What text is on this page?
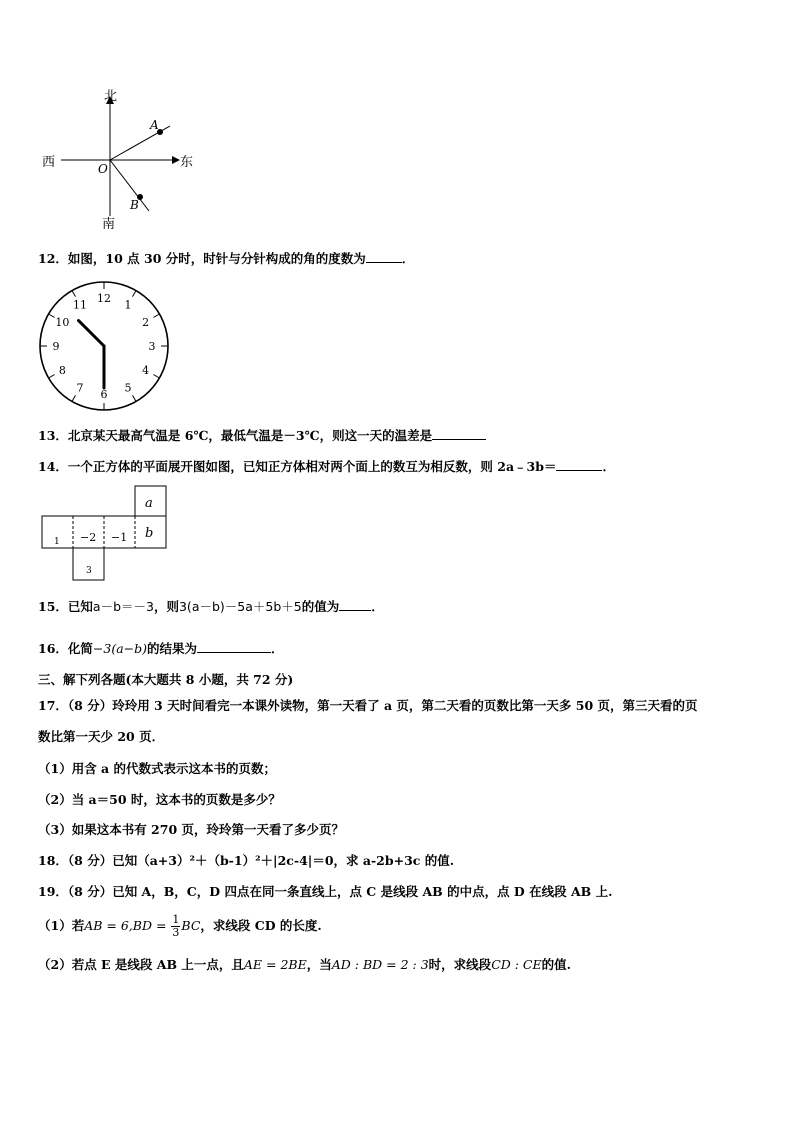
北
南
东
西	O
A
B
12．如图，10 点 30 分时，时针与分针构成的角的度数为	．
12 1
2
3
4
5
6
7
8
9
10
11
13．北京某天最高气温是 6℃，最低气温是－3℃，则这一天的温差是
14．一个正方体的平面展开图如图，已知正方体相对两个面上的数互为相反数，则 2a﹣3b＝	．
1 −2 −1 b
a
3
15．已知a－b＝－3，则3(a－b)－5a＋5b＋5的值为	．
16．化简−3(a−b)的结果为	．
三、解下列各题(本大题共 8 小题，共 72 分)
17．（8 分）玲玲用 3 天时间看完一本课外读物，第一天看了 a 页，第二天看的页数比第一天多 50 页，第三天看的页
数比第一天少 20 页．
（1）用含 a 的代数式表示这本书的页数；
（2）当 a＝50 时，这本书的页数是多少？
（3）如果这本书有 270 页，玲玲第一天看了多少页？
18．（8 分）已知（a+3）²＋（b-1）²＋|2c-4|＝0，求 a-2b+3c 的值.
19．（8 分）已知 A，B，C，D 四点在同一条直线上，点 C 是线段 AB 的中点，点 D 在线段 AB 上.
（1）若AB = $6,BD = \frac{1}{3}$ BC，求线段 CD 的长度.
（2）若点 E 是线段 AB 上一点，且AE = 2BE，当AD : BD = 2 : 3时，求线段CD : CE的值.
